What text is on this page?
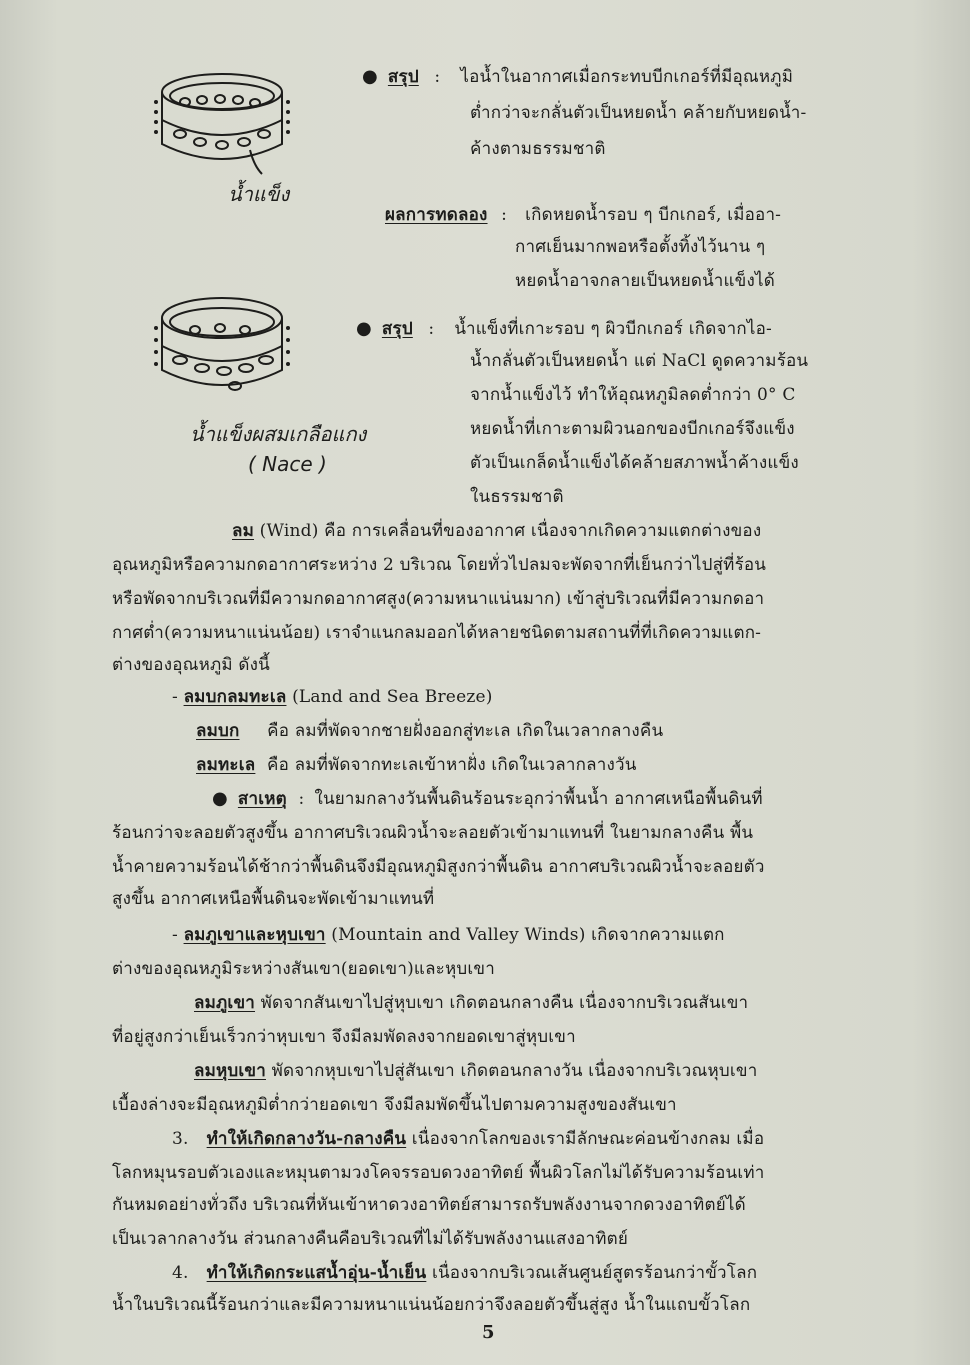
น้ำแข็ง
น้ำแข็งผสมเกลือแกง
( Nace )
● สรุป : ไอน้ำในอากาศเมื่อกระทบบีกเกอร์ที่มีอุณหภูมิ
ต่ำกว่าจะกลั่นตัวเป็นหยดน้ำ คล้ายกับหยดน้ำ-
ค้างตามธรรมชาติ
ผลการทดลอง : เกิดหยดน้ำรอบ ๆ บีกเกอร์, เมื่ออา-
กาศเย็นมากพอหรือตั้งทิ้งไว้นาน ๆ
หยดน้ำอาจกลายเป็นหยดน้ำแข็งได้
● สรุป : น้ำแข็งที่เกาะรอบ ๆ ผิวบีกเกอร์ เกิดจากไอ-
น้ำกลั่นตัวเป็นหยดน้ำ แต่ NaCl ดูดความร้อน
จากน้ำแข็งไว้ ทำให้อุณหภูมิลดต่ำกว่า 0° C
หยดน้ำที่เกาะตามผิวนอกของบีกเกอร์จึงแข็ง
ตัวเป็นเกล็ดน้ำแข็งได้คล้ายสภาพน้ำค้างแข็ง
ในธรรมชาติ
ลม (Wind) คือ การเคลื่อนที่ของอากาศ เนื่องจากเกิดความแตกต่างของ
อุณหภูมิหรือความกดอากาศระหว่าง 2 บริเวณ โดยทั่วไปลมจะพัดจากที่เย็นกว่าไปสู่ที่ร้อน
หรือพัดจากบริเวณที่มีความกดอากาศสูง(ความหนาแน่นมาก) เข้าสู่บริเวณที่มีความกดอา
กาศต่ำ(ความหนาแน่นน้อย) เราจำแนกลมออกได้หลายชนิดตามสถานที่ที่เกิดความแตก-
ต่างของอุณหภูมิ ดังนี้
- ลมบกลมทะเล (Land and Sea Breeze)
ลมบก คือ ลมที่พัดจากชายฝั่งออกสู่ทะเล เกิดในเวลากลางคืน
ลมทะเล คือ ลมที่พัดจากทะเลเข้าหาฝั่ง เกิดในเวลากลางวัน
● สาเหตุ : ในยามกลางวันพื้นดินร้อนระอุกว่าพื้นน้ำ อากาศเหนือพื้นดินที่
ร้อนกว่าจะลอยตัวสูงขึ้น อากาศบริเวณผิวน้ำจะลอยตัวเข้ามาแทนที่ ในยามกลางคืน พื้น
น้ำคายความร้อนได้ช้ากว่าพื้นดินจึงมีอุณหภูมิสูงกว่าพื้นดิน อากาศบริเวณผิวน้ำจะลอยตัว
สูงขึ้น อากาศเหนือพื้นดินจะพัดเข้ามาแทนที่
- ลมภูเขาและหุบเขา (Mountain and Valley Winds) เกิดจากความแตก
ต่างของอุณหภูมิระหว่างสันเขา(ยอดเขา)และหุบเขา
ลมภูเขา พัดจากสันเขาไปสู่หุบเขา เกิดตอนกลางคืน เนื่องจากบริเวณสันเขา
ที่อยู่สูงกว่าเย็นเร็วกว่าหุบเขา จึงมีลมพัดลงจากยอดเขาสู่หุบเขา
ลมหุบเขา พัดจากหุบเขาไปสู่สันเขา เกิดตอนกลางวัน เนื่องจากบริเวณหุบเขา
เบื้องล่างจะมีอุณหภูมิต่ำกว่ายอดเขา จึงมีลมพัดขึ้นไปตามความสูงของสันเขา
3. ทำให้เกิดกลางวัน-กลางคืน เนื่องจากโลกของเรามีลักษณะค่อนข้างกลม เมื่อ
โลกหมุนรอบตัวเองและหมุนตามวงโคจรรอบดวงอาทิตย์ พื้นผิวโลกไม่ได้รับความร้อนเท่า
กันหมดอย่างทั่วถึง บริเวณที่หันเข้าหาดวงอาทิตย์สามารถรับพลังงานจากดวงอาทิตย์ได้
เป็นเวลากลางวัน ส่วนกลางคืนคือบริเวณที่ไม่ได้รับพลังงานแสงอาทิตย์
4. ทำให้เกิดกระแสน้ำอุ่น-น้ำเย็น เนื่องจากบริเวณเส้นศูนย์สูตรร้อนกว่าขั้วโลก
น้ำในบริเวณนี้ร้อนกว่าและมีความหนาแน่นน้อยกว่าจึงลอยตัวขึ้นสู่สูง น้ำในแถบขั้วโลก
5
